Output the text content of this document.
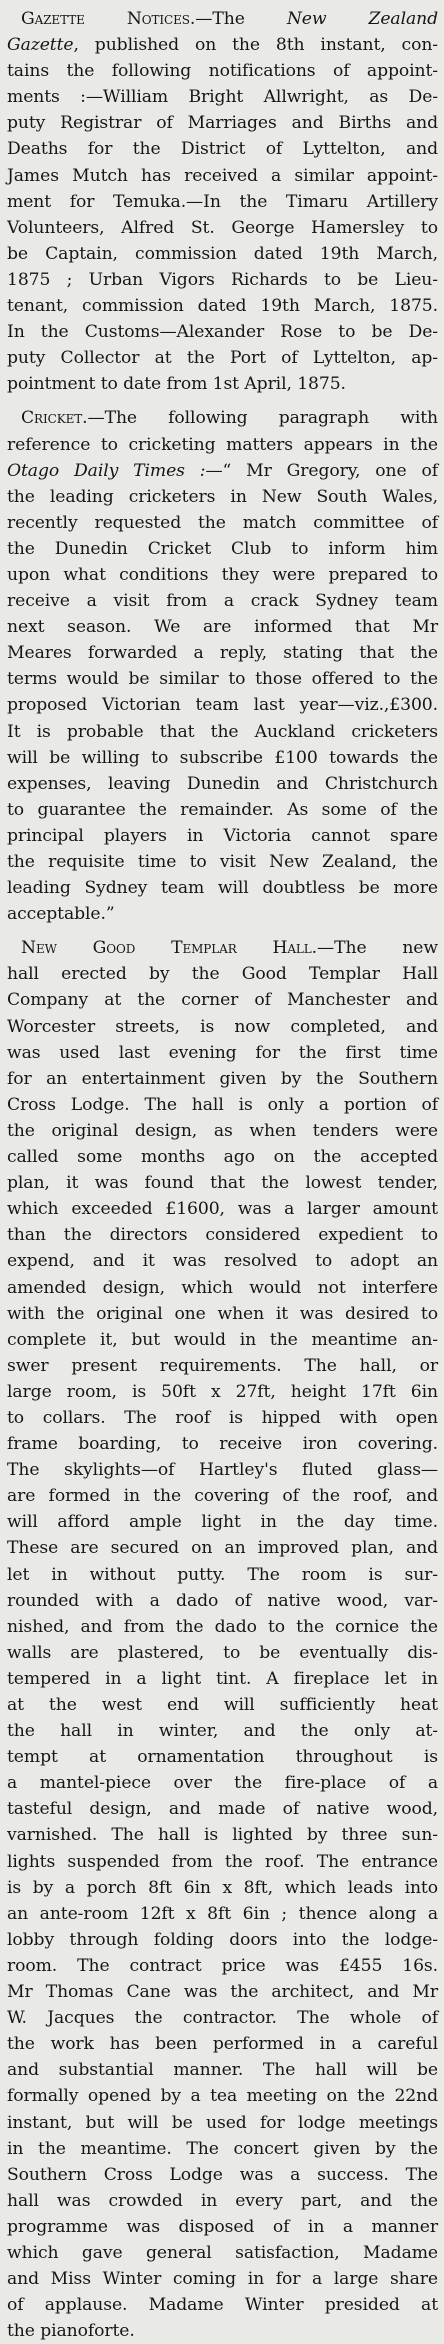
Gazette Notices.—The New Zealand
Gazette, published on the 8th instant, con-
tains the following notifications of appoint-
ments :—William Bright Allwright, as De-
puty Registrar of Marriages and Births and
Deaths for the District of Lyttelton, and
James Mutch has received a similar appoint-
ment for Temuka.—In the Timaru Artillery
Volunteers, Alfred St. George Hamersley to
be Captain, commission dated 19th March,
1875 ; Urban Vigors Richards to be Lieu-
tenant, commission dated 19th March, 1875.
In the Customs—Alexander Rose to be De-
puty Collector at the Port of Lyttelton, ap-
pointment to date from 1st April, 1875.
Cricket.—The following paragraph with
reference to cricketing matters appears in the
Otago Daily Times :—“ Mr Gregory, one of
the leading cricketers in New South Wales,
recently requested the match committee of
the Dunedin Cricket Club to inform him
upon what conditions they were prepared to
receive a visit from a crack Sydney team
next season. We are informed that Mr
Meares forwarded a reply, stating that the
terms would be similar to those offered to the
proposed Victorian team last year—viz.,£300.
It is probable that the Auckland cricketers
will be willing to subscribe £100 towards the
expenses, leaving Dunedin and Christchurch
to guarantee the remainder. As some of the
principal players in Victoria cannot spare
the requisite time to visit New Zealand, the
leading Sydney team will doubtless be more
acceptable.”
New Good Templar Hall.—The new
hall erected by the Good Templar Hall
Company at the corner of Manchester and
Worcester streets, is now completed, and
was used last evening for the first time
for an entertainment given by the Southern
Cross Lodge. The hall is only a portion of
the original design, as when tenders were
called some months ago on the accepted
plan, it was found that the lowest tender,
which exceeded £1600, was a larger amount
than the directors considered expedient to
expend, and it was resolved to adopt an
amended design, which would not interfere
with the original one when it was desired to
complete it, but would in the meantime an-
swer present requirements. The hall, or
large room, is 50ft x 27ft, height 17ft 6in
to collars. The roof is hipped with open
frame boarding, to receive iron covering.
The skylights—of Hartley's fluted glass—
are formed in the covering of the roof, and
will afford ample light in the day time.
These are secured on an improved plan, and
let in without putty. The room is sur-
rounded with a dado of native wood, var-
nished, and from the dado to the cornice the
walls are plastered, to be eventually dis-
tempered in a light tint. A fireplace let in
at the west end will sufficiently heat
the hall in winter, and the only at-
tempt at ornamentation throughout is
a mantel-piece over the fire-place of a
tasteful design, and made of native wood,
varnished. The hall is lighted by three sun-
lights suspended from the roof. The entrance
is by a porch 8ft 6in x 8ft, which leads into
an ante-room 12ft x 8ft 6in ; thence along a
lobby through folding doors into the lodge-
room. The contract price was £455 16s.
Mr Thomas Cane was the architect, and Mr
W. Jacques the contractor. The whole of
the work has been performed in a careful
and substantial manner. The hall will be
formally opened by a tea meeting on the 22nd
instant, but will be used for lodge meetings
in the meantime. The concert given by the
Southern Cross Lodge was a success. The
hall was crowded in every part, and the
programme was disposed of in a manner
which gave general satisfaction, Madame
and Miss Winter coming in for a large share
of applause. Madame Winter presided at
the pianoforte.
